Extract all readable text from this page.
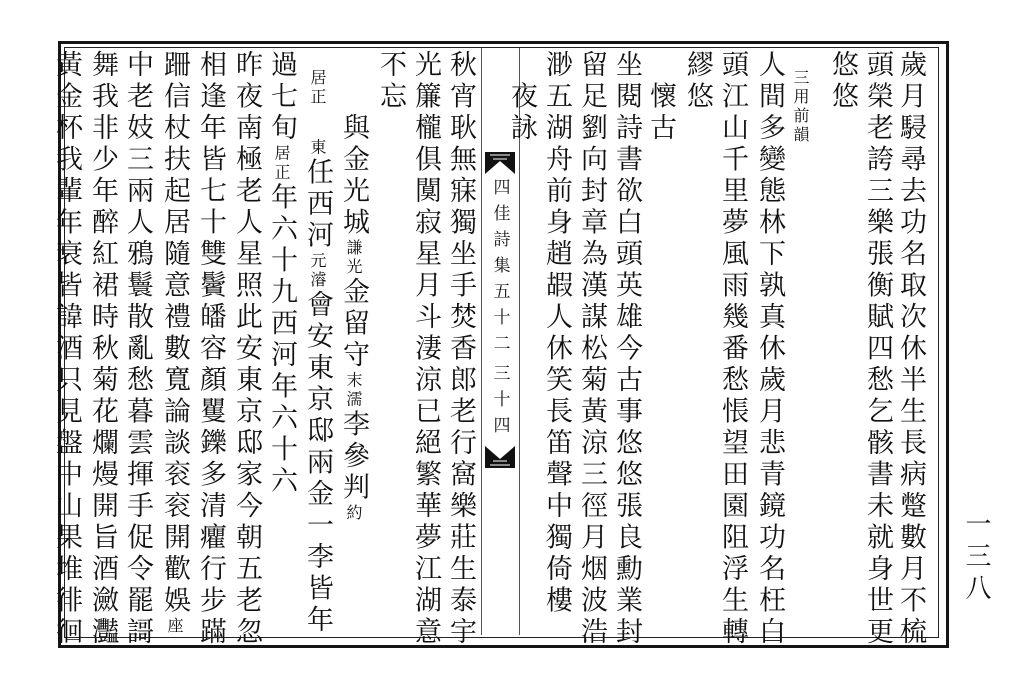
歲月駸尋去功名取次休半生長病蹩數月不梳
頭榮老誇三樂張衡賦四愁乞骸書未就身世更
悠悠
　三用前韻
人間多變態林下孰真休歲月悲青鏡功名枉白
頭江山千里夢風雨幾番愁悵望田園阻浮生轉
繆悠
　懷古
坐閱詩書欲白頭英雄今古事悠悠張良勳業封
留足劉向封章為漢謀松菊黃涼三徑月烟波浩
渺五湖舟前身趙嘏人休笑長笛聲中獨倚樓
　夜詠
秋宵耿無寐獨坐手焚香郎老行窩樂莊生泰宇
光簾櫳俱闃寂星月斗淒涼已絕繁華夢江湖意
不忘
　　與金光城謙光金留守末濡李參判約
　居正　東任西河元濬會安東京邸兩金一李皆年
過七旬居正年六十九西河年六十六
昨夜南極老人星照此安東京邸家今朝五老忽
相逢年皆七十雙鬢皤容顏矍鑠多清癯行步蹣
跚信杖扶起居隨意禮數寬論談衮衮開歡娛座
中老妓三兩人鴉鬟散亂愁暮雲揮手促令罷謌
舞我非少年醉紅裙時秋菊花爛熳開旨酒瀲灩
黃金杯我輩年衰皆諱酒只見盤中山果堆徘徊	四佳詩集五十二
三十四
一三八
